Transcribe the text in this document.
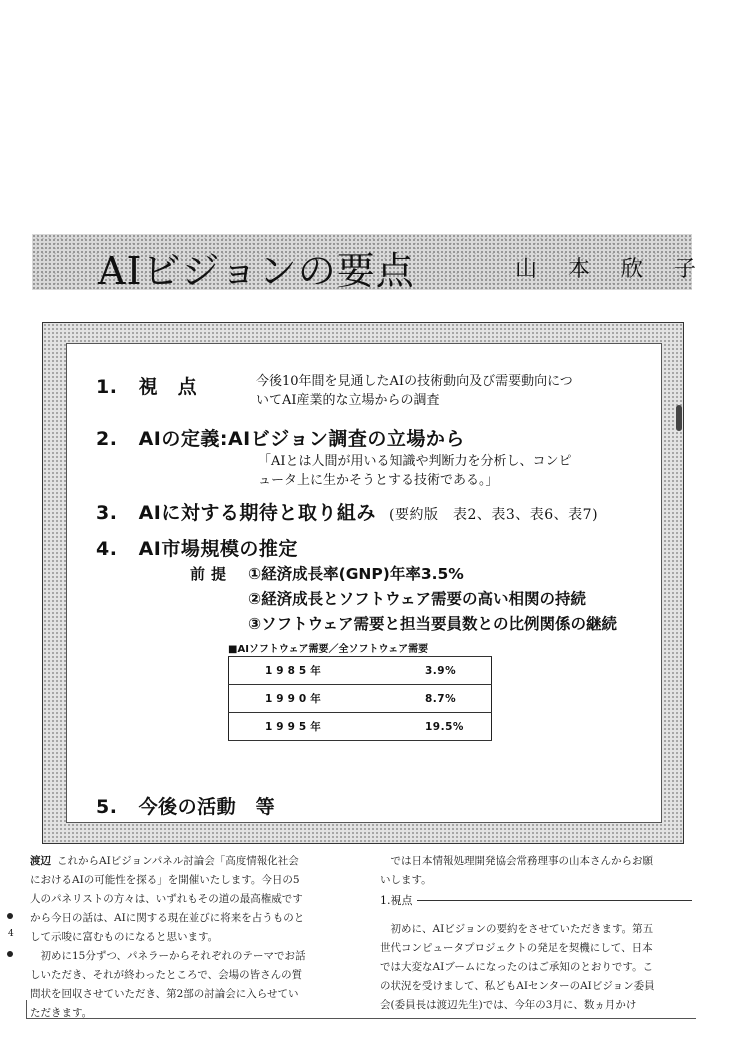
AIビジョンの要点	山 本 欣 子
1. 視　点	今後10年間を見通したAIの技術動向及び需要動向につ
いてAI産業的な立場からの調査
2. AIの定義:AIビジョン調査の立場から
「AIとは人間が用いる知識や判断力を分析し、コンピ
ュータ上に生かそうとする技術である。」
3. AIに対する期待と取り組み (要約版　表2、表3、表6、表7)
4. AI市場規模の推定
前提 ①経済成長率(GNP)年率3.5%
②経済成長とソフトウェア需要の高い相関の持続
③ソフトウェア需要と担当要員数との比例関係の継続
■AIソフトウェア需要／全ソフトウェア需要
1985年	3.9%
1990年	8.7%
1995年	19.5%
5. 今後の活動　等
渡辺 これからAIビジョンパネル討論会「高度情報化社会
におけるAIの可能性を探る」を開催いたします。今日の5
人のパネリストの方々は、いずれもその道の最高権威です
から今日の話は、AIに関する現在並びに将来を占うものと
して示唆に富むものになると思います。
　初めに15分ずつ、パネラーからそれぞれのテーマでお話
しいただき、それが終わったところで、会場の皆さんの質
問状を回収させていただき、第2部の討論会に入らせてい
ただきます。
4
　では日本情報処理開発協会常務理事の山本さんからお願
いします。
1.視点
　初めに、AIビジョンの要約をさせていただきます。第五
世代コンピュータプロジェクトの発足を契機にして、日本
では大変なAIブームになったのはご承知のとおりです。こ
の状況を受けまして、私どもAIセンターのAIビジョン委員
会(委員長は渡辺先生)では、今年の3月に、数ヵ月かけ
